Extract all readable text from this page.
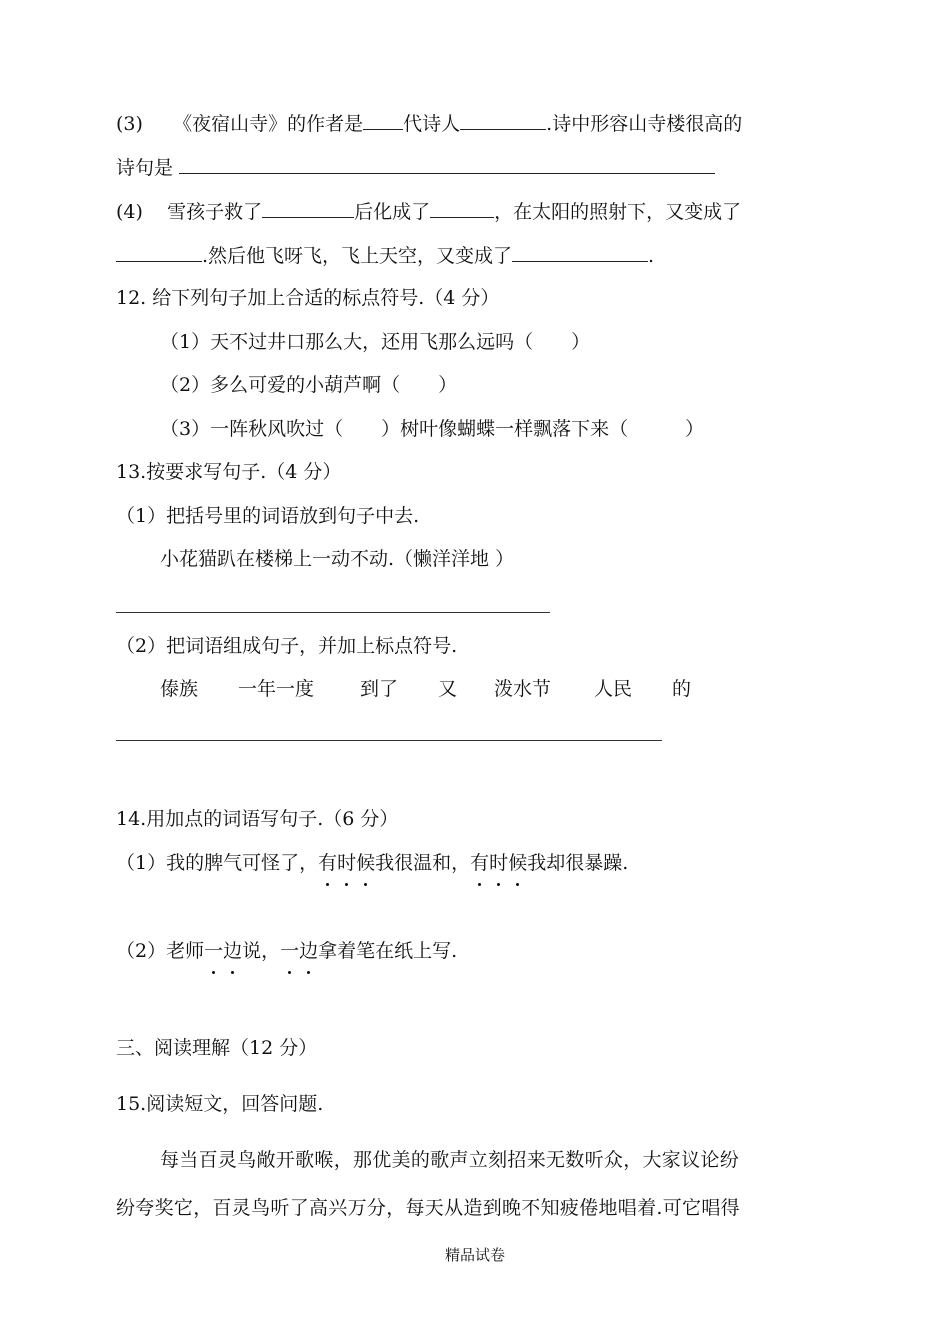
(3) 《夜宿山寺》的作者是 代诗人	.诗中形容山寺楼很高的
诗句是
(4) 雪孩子救了	后化成了	，在太阳的照射下，又变成了
.然后他飞呀飞，飞上天空，又变成了	.
12. 给下列句子加上合适的标点符号.（4 分）
（1）天不过井口那么大，还用飞那么远吗（　　）
（2）多么可爱的小葫芦啊（　　）
（3）一阵秋风吹过（　　）树叶像蝴蝶一样飘落下来（　　　）
13.按要求写句子.（4 分）
（1）把括号里的词语放到句子中去.
小花猫趴在楼梯上一动不动.（懒洋洋地 ）
（2）把词语组成句子，并加上标点符号.
傣族 一年一度 到了 又 泼水节 人民 的
14.用加点的词语写句子.（6 分）
（1）我的脾气可怪了，有时候我很温和，有时候我却很暴躁.
（2）老师一边说，一边拿着笔在纸上写.
三、阅读理解（12 分）
15.阅读短文，回答问题.
每当百灵鸟敞开歌喉，那优美的歌声立刻招来无数听众，大家议论纷
纷夸奖它，百灵鸟听了高兴万分，每天从造到晚不知疲倦地唱着.可它唱得
精品试卷
